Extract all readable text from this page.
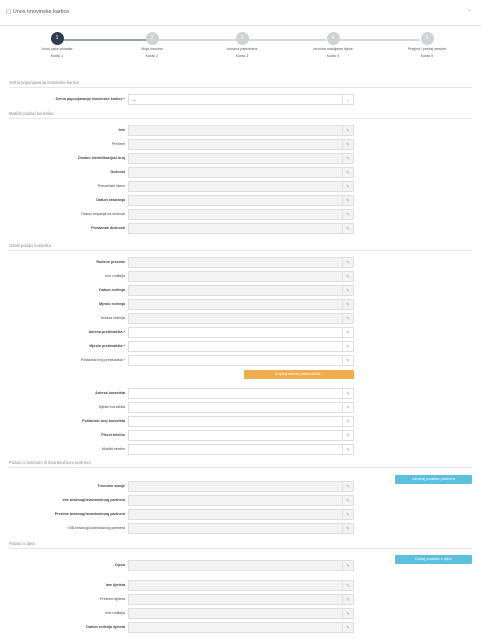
▢ Unos imovinske kartice	⌃
1
Unos opće podatke
Korak 1
2
Moja imovina
Korak 2
3
Imovina partnerima
Korak 3
4
Imovina maloljetne djece
Korak 4
5
Pregled i predaj imovine
Korak 5
Svrha popunjavanja imovinske kartice
Svrha popunjavanja imovinske kartice * —	⌄
Matični podaci korisnika
Ime	✎
Prezime	✎
Osobni identifikacijski broj	✎
Dužnost	✎
Preuzmate šamo	✎
Datum stvaranja	✎
Datum stupanja na dužnost	✎
Prestanak dužnosti	✎
Ostali podaci korisnika
Rođeno prezime	✎
Ime roditelja	✎
Datum rođenja	✎
Mjesto rođenja	✎
Država rođenja	✎
Adresa prebivališta *	✎
Mjesto prebivališta *	✎
Poštanski broj prebivališta *	✎
Kopiraj adresu prebivališta ↓
Adresa boravišta	✎
Mjesto boravišta	✎
Poštanski broj boravišta	✎
Fiksni telefon	✎
Mobilni telefon	✎
Podaci o bračnom ili izvanbračnom partneru
Ažuriraj podatke partnera
Trenutno stanje	✎
Ime bračnog/izvanbračnog partnera	✎
Prezime bračnog/izvanbračnog partnera	✎
OIB bračnog/izvanbračnog partnera	✎
Podaci o djeci
Dodaj podatke o djeci
Djeca	✎
Ime djeteta	✎
Prezime djeteta	✎
Ime roditelja	✎
Datum rođenja djeteta	✎
